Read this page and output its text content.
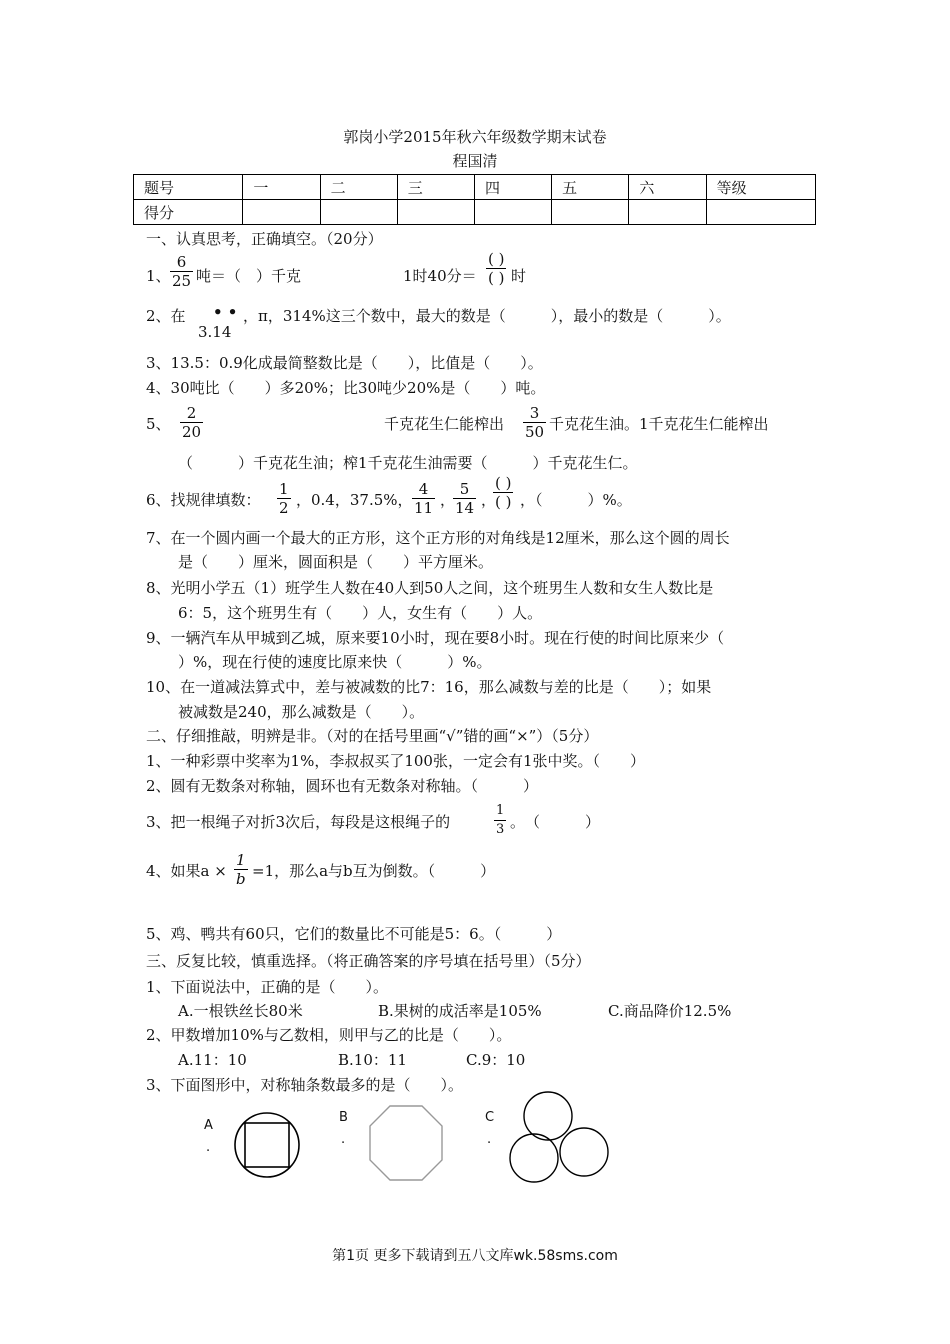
郭岗小学2015年秋六年级数学期末试卷
程国清
题号	一	二	三	四	五	六	等级
得分							
一、认真思考，正确填空。（20分）
1、 $\frac{6}{25}$ 吨＝（　）千克	1时40分＝
( )
( ) 时
2、在 • •
3.14
，π，314%这三个数中，最大的数是（　　　），最小的数是（　　　）。
3、13.5：0.9化成最简整数比是（　　），比值是（　　）。
4、30吨比（　　）多20%；比30吨少20%是（　　）吨。
5、 $\frac{2}{20}$	千克花生仁能榨出 $\frac{3}{50}$ 千克花生油。1千克花生仁能榨出
（　　　）千克花生油；榨1千克花生油需要（　　　）千克花生仁。
6、找规律填数： $\frac{1}{2}$ ，0.4，37.5%， $\frac{4}{11}$ ，
$\frac{5}{14}$ ，
( )
( ) ，（　　　）%。
7、在一个圆内画一个最大的正方形，这个正方形的对角线是12厘米，那么这个圆的周长
是（　　）厘米，圆面积是（　　）平方厘米。
8、光明小学五（1）班学生人数在40人到50人之间，这个班男生人数和女生人数比是
6：5，这个班男生有（　　）人，女生有（　　）人。
9、一辆汽车从甲城到乙城，原来要10小时，现在要8小时。现在行使的时间比原来少（
）%，现在行使的速度比原来快（　　　）%。
10、在一道减法算式中，差与被减数的比7：16，那么减数与差的比是（　　）；如果
被减数是240，那么减数是（　　）。
二、仔细推敲，明辨是非。（对的在括号里画“√”错的画“×”）（5分）
1、一种彩票中奖率为1%，李叔叔买了100张，一定会有1张中奖。（　　）
2、圆有无数条对称轴，圆环也有无数条对称轴。（　　　）
3、把一根绳子对折3次后，每段是这根绳子的	$\frac{1}{3}$ 。　（　　　）
4、如果$a \times \frac{1}{b} =1$，那么a与b互为倒数。（　　　）
5、鸡、鸭共有60只，它们的数量比不可能是5：6。（　　　）
三、反复比较，慎重选择。（将正确答案的序号填在括号里）（5分）
1、下面说法中，正确的是（　　）。
A.一根铁丝长80米	B.果树的成活率是105%	C.商品降价12.5%
2、甲数增加10%与乙数相，则甲与乙的比是（　　）。
A.11：10	B.10：11	C.9：10
3、下面图形中，对称轴条数最多的是（　　）。
A
.
B
.
C
.
第1页 更多下载请到五八文库wk.58sms.com
